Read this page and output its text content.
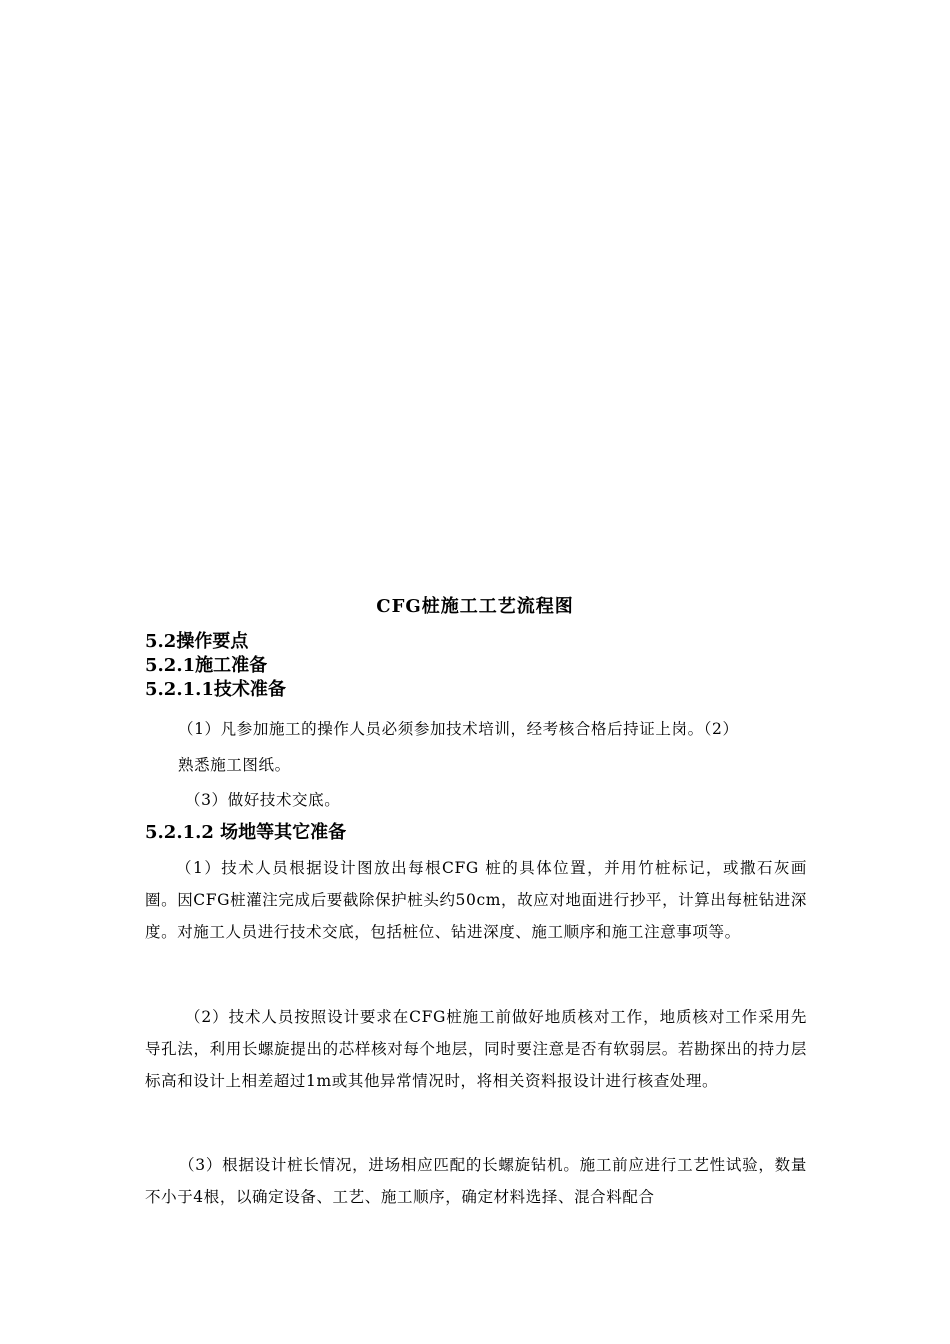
CFG桩施工工艺流程图
5.2操作要点
5.2.1施工准备
5.2.1.1技术准备
（1）凡参加施工的操作人员必须参加技术培训，经考核合格后持证上岗。（2）
熟悉施工图纸。
（3）做好技术交底。
5.2.1.2 场地等其它准备
（1）技术人员根据设计图放出每根CFG 桩的具体位置，并用竹桩标记，或撒石灰画圈。因CFG桩灌注完成后要截除保护桩头约50cm，故应对地面进行抄平，计算出每桩钻进深度。对施工人员进行技术交底，包括桩位、钻进深度、施工顺序和施工注意事项等。
（2）技术人员按照设计要求在CFG桩施工前做好地质核对工作，地质核对工作采用先导孔法，利用长螺旋提出的芯样核对每个地层，同时要注意是否有软弱层。若勘探出的持力层标高和设计上相差超过1m或其他异常情况时，将相关资料报设计进行核查处理。
（3）根据设计桩长情况，进场相应匹配的长螺旋钻机。施工前应进行工艺性试验，数量不小于4根，以确定设备、工艺、施工顺序，确定材料选择、混合料配合
